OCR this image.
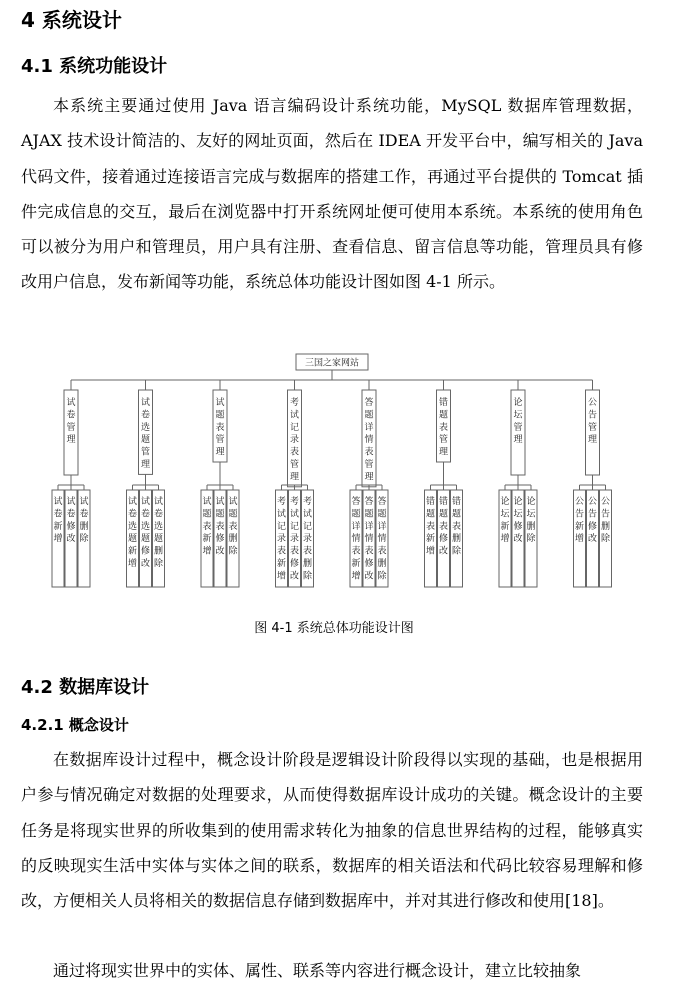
4 系统设计
4.1 系统功能设计

本系统主要通过使用 Java 语言编码设计系统功能，MySQL 数据库管理数据，AJAX 技术设计简洁的、友好的网址页面，然后在 IDEA 开发平台中，编写相关的 Java 代码文件，接着通过连接语言完成与数据库的搭建工作，再通过平台提供的 Tomcat 插件完成信息的交互，最后在浏览器中打开系统网址便可使用本系统。本系统的使用角色可以被分为用户和管理员，用户具有注册、查看信息、留言信息等功能，管理员具有修改用户信息，发布新闻等功能，系统总体功能设计图如图 4-1 所示。

三国之家网站
试
卷
管
理
试
卷
新
增
试
卷
修
改
试
卷
删
除
试
卷
选
题
管
理
试
卷
选
题
新
增
试
卷
选
题
修
改
试
卷
选
题
删
除
试
题
表
管
理
试
题
表
新
增
试
题
表
修
改
试
题
表
删
除
考
试
记
录
表
管
理
考
试
记
录
表
新
增
考
试
记
录
表
修
改
考
试
记
录
表
删
除
答
题
详
情
表
管
理
答
题
详
情
表
新
增
答
题
详
情
表
修
改
答
题
详
情
表
删
除
错
题
表
管
理
错
题
表
新
增
错
题
表
修
改
错
题
表
删
除
论
坛
管
理
论
坛
新
增
论
坛
修
改
论
坛
删
除
公
告
管
理
公
告
新
增
公
告
修
改
公
告
删
除
图 4-1 系统总体功能设计图
4.2 数据库设计
4.2.1 概念设计

在数据库设计过程中，概念设计阶段是逻辑设计阶段得以实现的基础，也是根据用户参与情况确定对数据的处理要求，从而使得数据库设计成功的关键。概念设计的主要任务是将现实世界的所收集到的使用需求转化为抽象的信息世界结构的过程，能够真实的反映现实生活中实体与实体之间的联系，数据库的相关语法和代码比较容易理解和修改，方便相关人员将相关的数据信息存储到数据库中，并对其进行修改和使用[18]。

通过将现实世界中的实体、属性、联系等内容进行概念设计，建立比较抽象
